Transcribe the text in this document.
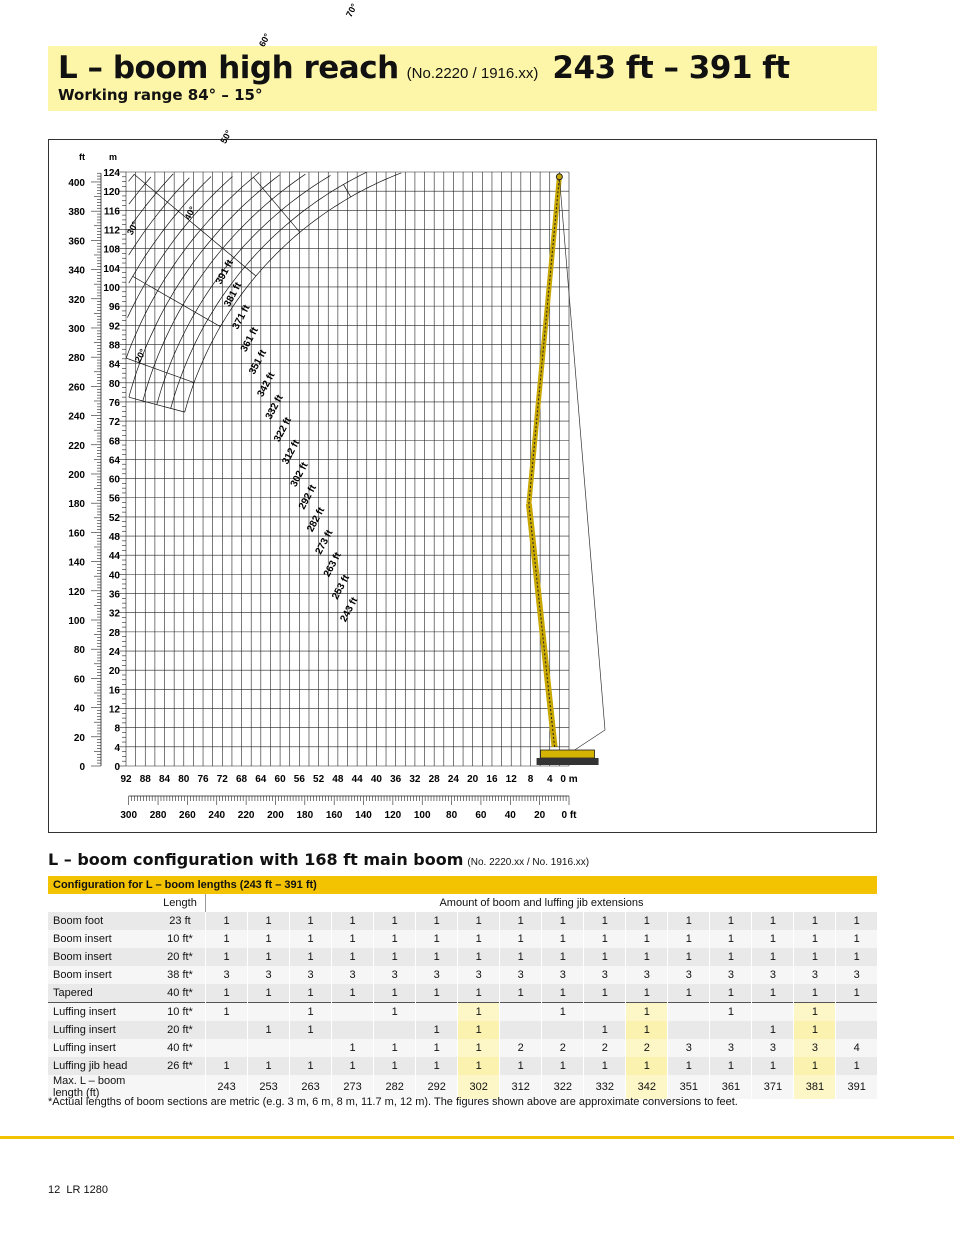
L – boom high reach (No.2220 / 1916.xx) 243 ft – 391 ft
Working range 84° – 15°
400
380
360
340
320
300
280
260
240
220
200
180
160
140
120
100
80
60
40
20
0
124
120
116
112
108
104
100
96
92
88
84
80
76
72
68
64
60
56
52
48
44
40
36
32
28
24
20
16
12
8
4
0
ft	m
92 88 84 80 76 72 68 64 60 56 52 48 44 40 36 32 28 24 20 16 12 8 4 0 m
300 280 260 240 220 200 180 160 140 120 100 80 60 40 20 0 ft
20°
30°
40°
50°
60°
70°
391 ft
381 ft
371 ft
361 ft
351 ft
342 ft
332 ft
322 ft
312 ft
302 ft
292 ft
282 ft
273 ft
263 ft
253 ft
243 ft
L – boom configuration with 168 ft main boom (No. 2220.xx / No. 1916.xx)
Configuration for L – boom lengths (243 ft – 391 ft)																	
	Length	Amount of boom and luffing jib extensions															
Boom foot	23 ft	1	1	1	1	1	1	1	1	1	1	1	1	1	1	1	1
Boom insert	10 ft*	1	1	1	1	1	1	1	1	1	1	1	1	1	1	1	1
Boom insert	20 ft*	1	1	1	1	1	1	1	1	1	1	1	1	1	1	1	1
Boom insert	38 ft*	3	3	3	3	3	3	3	3	3	3	3	3	3	3	3	3
Tapered	40 ft*	1	1	1	1	1	1	1	1	1	1	1	1	1	1	1	1
Luffing insert	10 ft*	1		1		1		1		1		1		1		1	
Luffing insert	20 ft*		1	1			1	1			1	1			1	1	
Luffing insert	40 ft*				1	1	1	1	2	2	2	2	3	3	3	3	4
Luffing jib head	26 ft*	1	1	1	1	1	1	1	1	1	1	1	1	1	1	1	1
Max. L – boom length (ft)		243	253	263	273	282	292	302	312	322	332	342	351	361	371	381	391
*Actual lengths of boom sections are metric (e.g. 3 m, 6 m, 8 m, 11.7 m, 12 m). The figures shown above are approximate conversions to feet.
12 LR 1280
